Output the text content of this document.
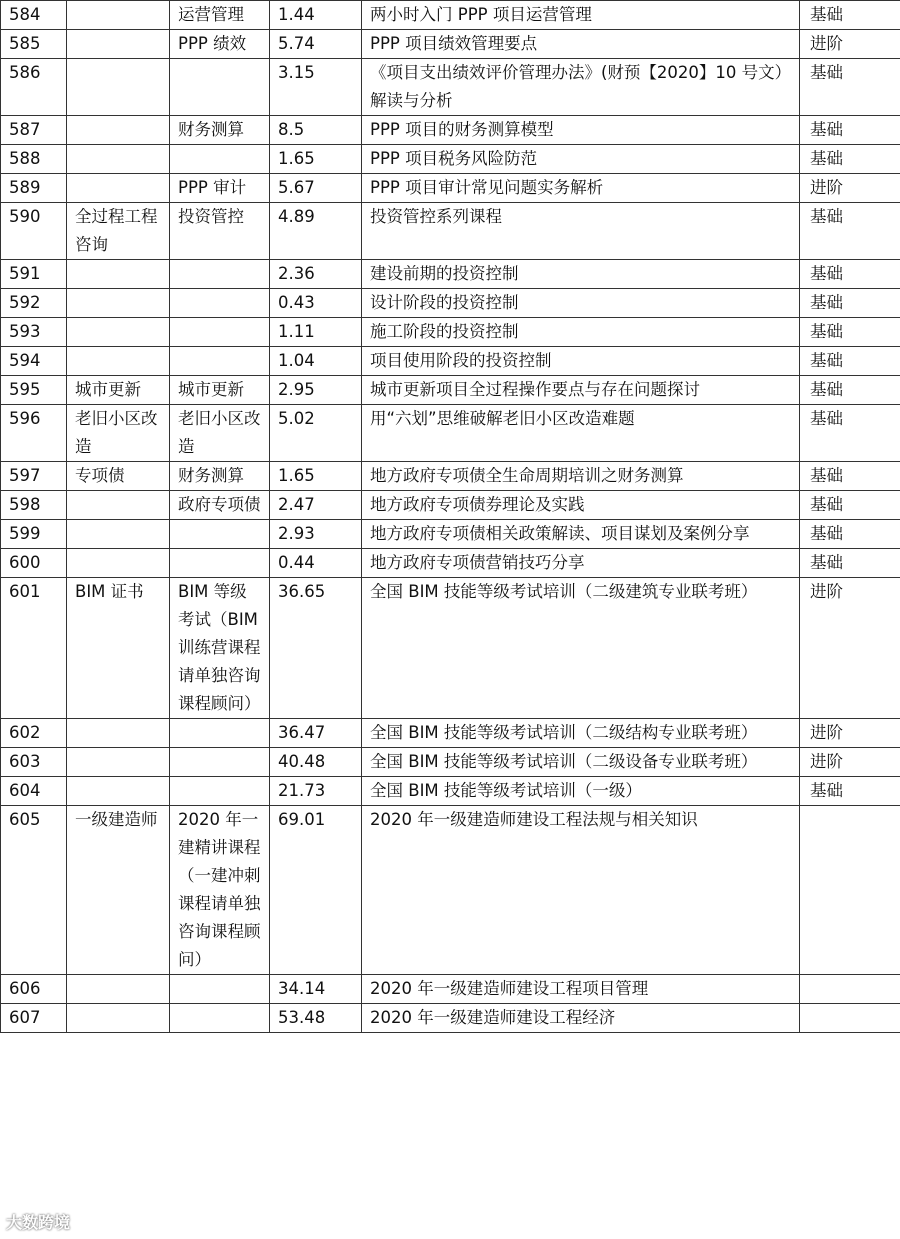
584		运营管理	1.44	两小时入门 PPP 项目运营管理	基础
585		PPP 绩效	5.74	PPP 项目绩效管理要点	进阶
586			3.15	《项目支出绩效评价管理办法》(财预【2020】10 号文）解读与分析	基础
587		财务测算	8.5	PPP 项目的财务测算模型	基础
588			1.65	PPP 项目税务风险防范	基础
589		PPP 审计	5.67	PPP 项目审计常见问题实务解析	进阶
590	全过程工程咨询	投资管控	4.89	投资管控系列课程	基础
591			2.36	建设前期的投资控制	基础
592			0.43	设计阶段的投资控制	基础
593			1.11	施工阶段的投资控制	基础
594			1.04	项目使用阶段的投资控制	基础
595	城市更新	城市更新	2.95	城市更新项目全过程操作要点与存在问题探讨	基础
596	老旧小区改造	老旧小区改造	5.02	用“六划”思维破解老旧小区改造难题	基础
597	专项债	财务测算	1.65	地方政府专项债全生命周期培训之财务测算	基础
598		政府专项债	2.47	地方政府专项债券理论及实践	基础
599			2.93	地方政府专项债相关政策解读、项目谋划及案例分享	基础
600			0.44	地方政府专项债营销技巧分享	基础
601	BIM 证书	BIM 等级考试（BIM 训练营课程请单独咨询课程顾问）	36.65	全国 BIM 技能等级考试培训（二级建筑专业联考班）	进阶
602			36.47	全国 BIM 技能等级考试培训（二级结构专业联考班）	进阶
603			40.48	全国 BIM 技能等级考试培训（二级设备专业联考班）	进阶
604			21.73	全国 BIM 技能等级考试培训（一级）	基础
605	一级建造师	2020 年一建精讲课程（一建冲刺课程请单独咨询课程顾问）	69.01	2020 年一级建造师建设工程法规与相关知识	
606			34.14	2020 年一级建造师建设工程项目管理	
607			53.48	2020 年一级建造师建设工程经济	
大数跨境
